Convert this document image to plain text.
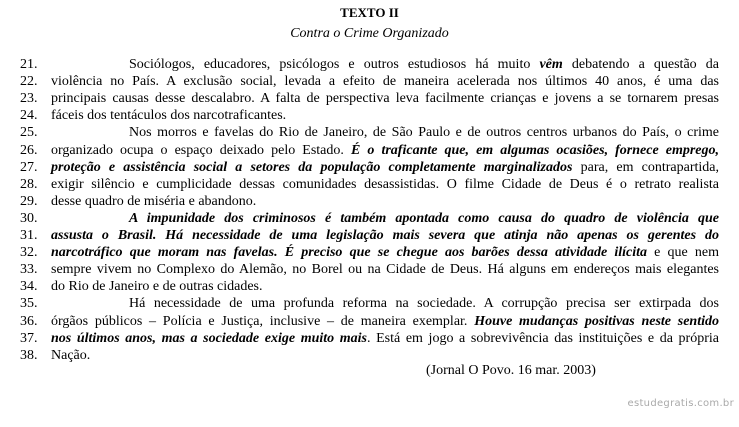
TEXTO II
Contra o Crime Organizado
21.	Sociólogos, educadores, psicólogos e outros estudiosos há muito vêm debatendo a questão da
22. violência no País. A exclusão social, levada a efeito de maneira acelerada nos últimos 40 anos, é uma das
23. principais causas desse descalabro. A falta de perspectiva leva facilmente crianças e jovens a se tornarem presas
24. fáceis dos tentáculos dos narcotraficantes.
25.	Nos morros e favelas do Rio de Janeiro, de São Paulo e de outros centros urbanos do País, o crime
26. organizado ocupa o espaço deixado pelo Estado. É o traficante que, em algumas ocasiões, fornece emprego,
27. proteção e assistência social a setores da população completamente marginalizados para, em contrapartida,
28. exigir silêncio e cumplicidade dessas comunidades desassistidas. O filme Cidade de Deus é o retrato realista
29. desse quadro de miséria e abandono.
30.	A impunidade dos criminosos é também apontada como causa do quadro de violência que
31. assusta o Brasil. Há necessidade de uma legislação mais severa que atinja não apenas os gerentes do
32. narcotráfico que moram nas favelas. É preciso que se chegue aos barões dessa atividade ilícita e que nem
33. sempre vivem no Complexo do Alemão, no Borel ou na Cidade de Deus. Há alguns em endereços mais elegantes
34. do Rio de Janeiro e de outras cidades.
35.	Há necessidade de uma profunda reforma na sociedade. A corrupção precisa ser extirpada dos
36. órgãos públicos – Polícia e Justiça, inclusive – de maneira exemplar. Houve mudanças positivas neste sentido
37. nos últimos anos, mas a sociedade exige muito mais. Está em jogo a sobrevivência das instituições e da própria
38. Nação.
(Jornal O Povo. 16 mar. 2003)
estudegratis.com.br
